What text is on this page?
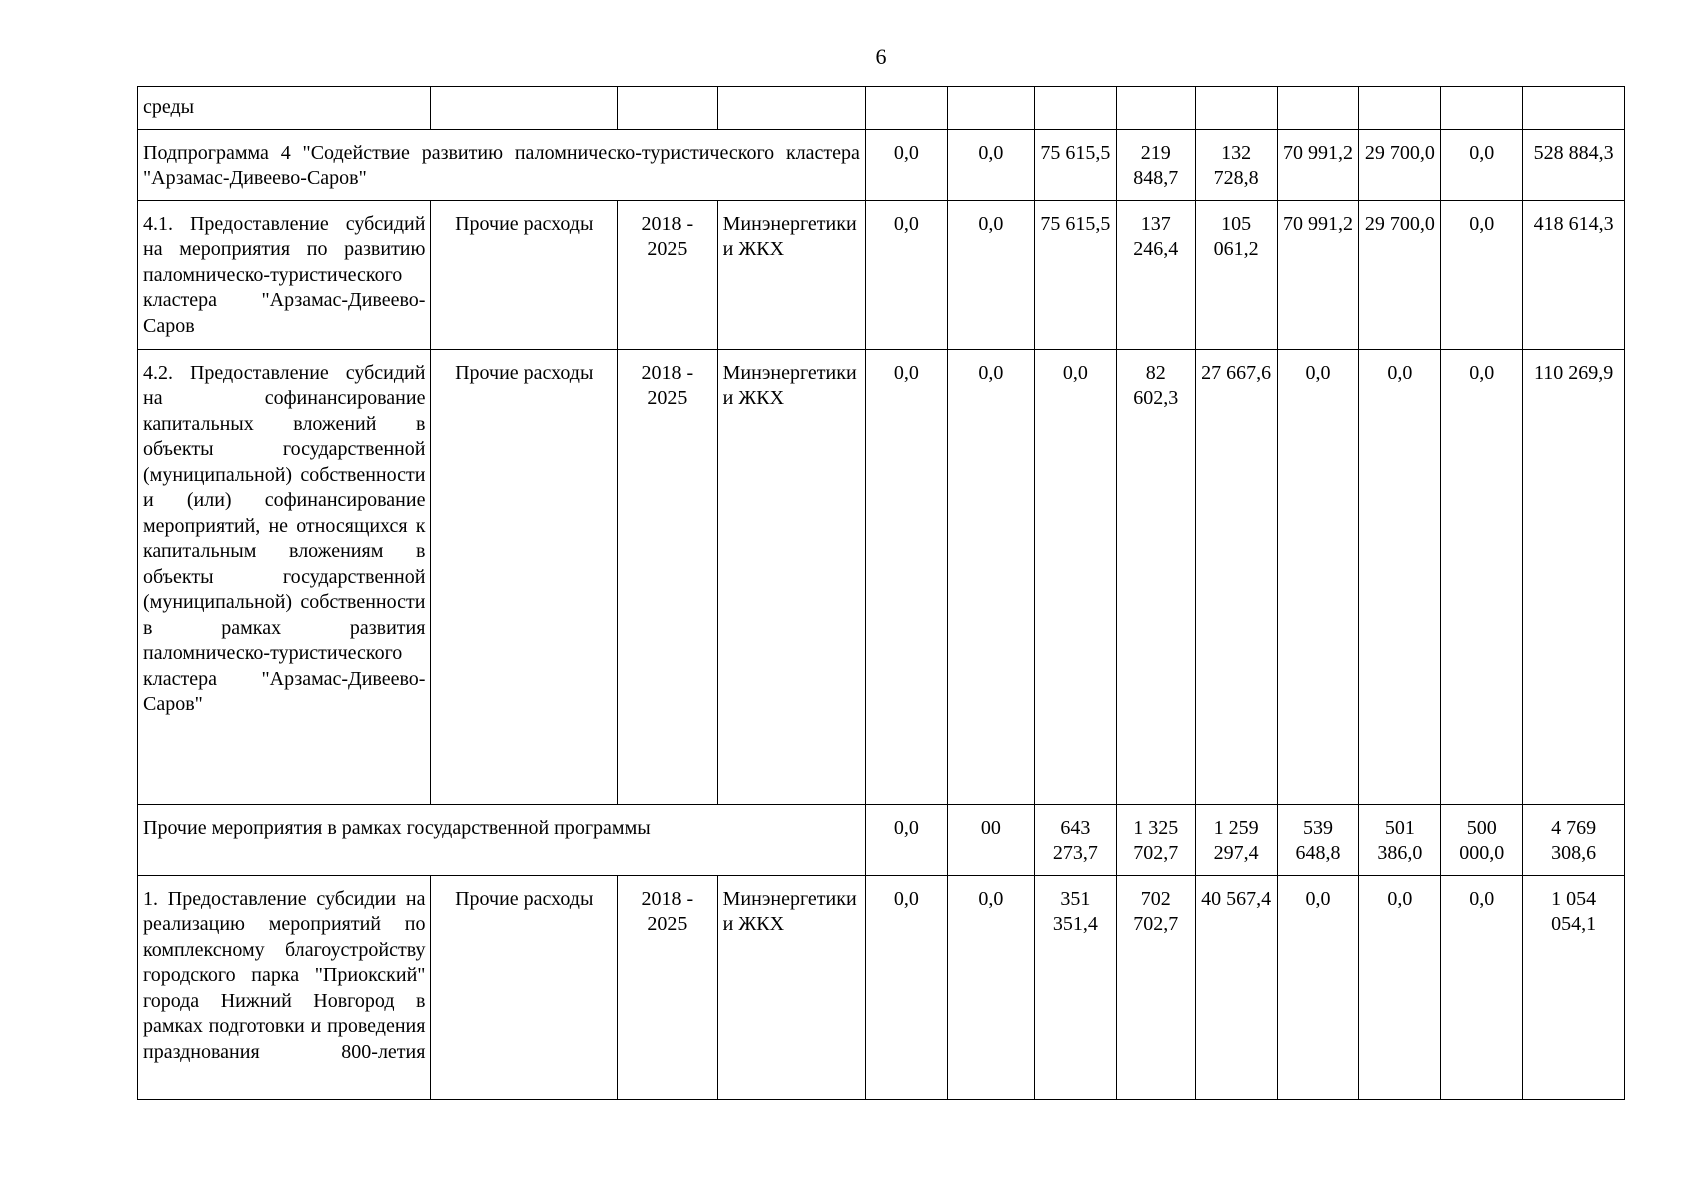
6
среды												
Подпрограмма 4 "Содействие развитию паломническо-туристического кластера "Арзамас-Дивеево-Саров"				0,0	0,0	75 615,5	219 848,7	132 728,8	70 991,2	29 700,0	0,0	528 884,3
4.1. Предоставление субсидий на мероприятия по развитию паломническо-туристического кластера "Арзамас-Дивеево-Саров	Прочие расходы	2018 - 2025	Минэнергетики и ЖКХ	0,0	0,0	75 615,5	137 246,4	105 061,2	70 991,2	29 700,0	0,0	418 614,3
4.2. Предоставление субсидий на софинансирование капитальных вложений в объекты государственной (муниципальной) собственности и (или) софинансирование мероприятий, не относящихся к капитальным вложениям в объекты государственной (муниципальной) собственности в рамках развития паломническо-туристического кластера "Арзамас-Дивеево-Саров"	Прочие расходы	2018 - 2025	Минэнергетики и ЖКХ	0,0	0,0	0,0	82 602,3	27 667,6	0,0	0,0	0,0	110 269,9
Прочие мероприятия в рамках государственной программы				0,0	00	643 273,7	1 325 702,7	1 259 297,4	539 648,8	501 386,0	500 000,0	4 769 308,6
1. Предоставление субсидии на реализацию мероприятий по комплексному благоустройству городского парка "Приокский" города Нижний Новгород в рамках подготовки и проведения празднования 800-летия	Прочие расходы	2018 - 2025	Минэнергетики и ЖКХ	0,0	0,0	351 351,4	702 702,7	40 567,4	0,0	0,0	0,0	1 054 054,1
